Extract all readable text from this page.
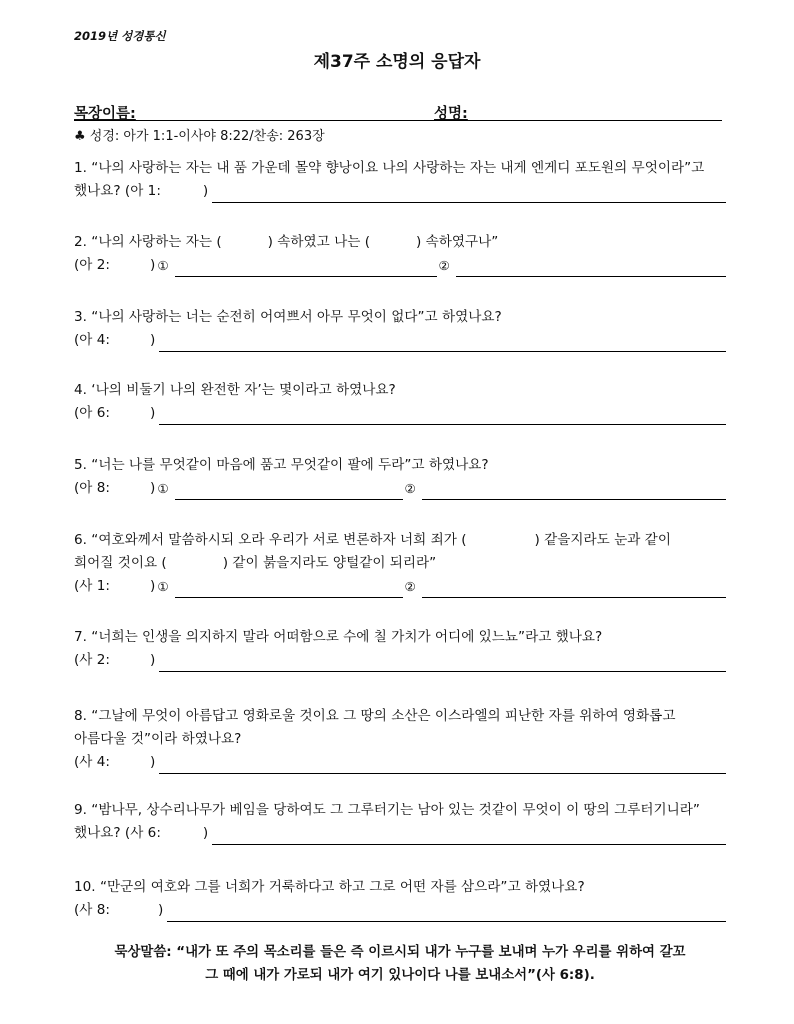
2019년 성경통신
제37주 소명의 응답자
목장이름:	성명:
♣ 성경: 아가 1:1-이사야 8:22/찬송: 263장
1. “나의 사랑하는 자는 내 품 가운데 몰약 향낭이요 나의 사랑하는 자는 내게 엔게디 포도원의 무엇이라”고
했나요? (아 1:	)
2. “나의 사랑하는 자는 (	) 속하였고 나는 (	) 속하였구나”
(아 2:	) ①	②
3. “나의 사랑하는 너는 순전히 어여쁘서 아무 무엇이 없다”고 하였나요?
(아 4:	)
4. ‘나의 비둘기 나의 완전한 자’는 몇이라고 하였나요?
(아 6:	)
5. “너는 나를 무엇같이 마음에 품고 무엇같이 팔에 두라”고 하였나요?
(아 8:	) ①	②
6. “여호와께서 말씀하시되 오라 우리가 서로 변론하자 너희 죄가 (	) 같을지라도 눈과 같이
희어질 것이요 (	) 같이 붉을지라도 양털같이 되리라”
(사 1:	) ①	②
7. “너희는 인생을 의지하지 말라 어떠함으로 수에 칠 가치가 어디에 있느뇨”라고 했나요?
(사 2:	)
8. “그날에 무엇이 아름답고 영화로울 것이요 그 땅의 소산은 이스라엘의 피난한 자를 위하여 영화롭고
아름다울 것”이라 하였나요?
(사 4:	)
9. “밤나무, 상수리나무가 베임을 당하여도 그 그루터기는 남아 있는 것같이 무엇이 이 땅의 그루터기니라”
했나요? (사 6:	)
10. “만군의 여호와 그를 너희가 거룩하다고 하고 그로 어떤 자를 삼으라”고 하였나요?
(사 8:	)
묵상말씀: “내가 또 주의 목소리를 들은 즉 이르시되 내가 누구를 보내며 누가 우리를 위하여 갈꼬
그 때에 내가 가로되 내가 여기 있나이다 나를 보내소서”(사 6:8).
